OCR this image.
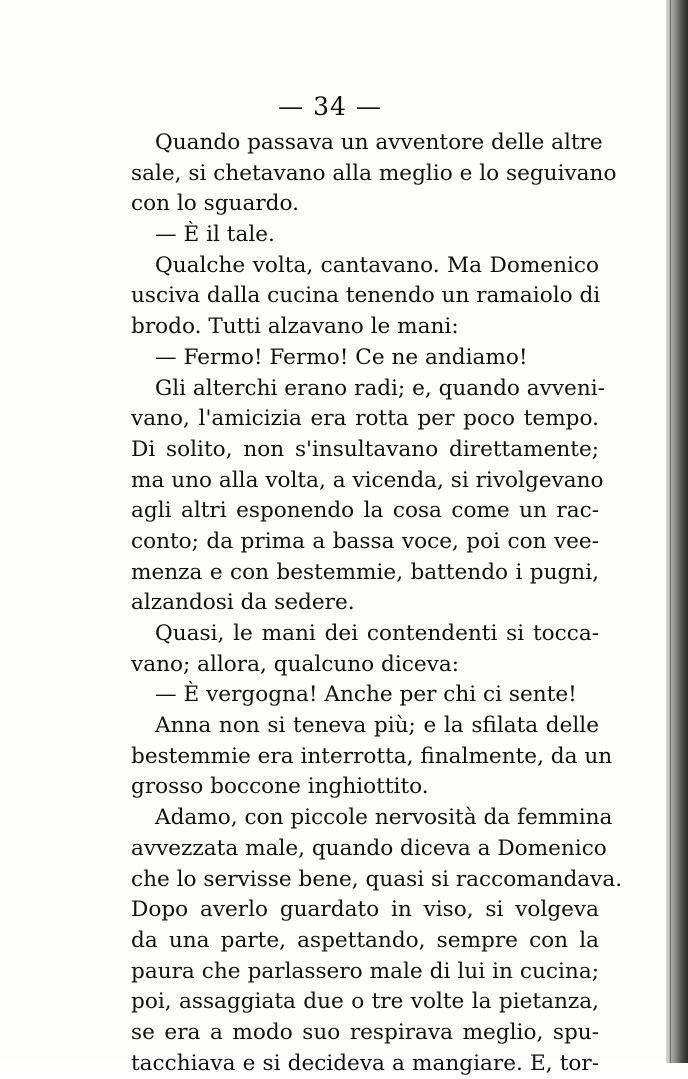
— 34 —
Quando passava un avventore delle altre
sale, si chetavano alla meglio e lo seguivano
con lo sguardo.
— È il tale.
Qualche volta, cantavano. Ma Domenico
usciva dalla cucina tenendo un ramaiolo di
brodo. Tutti alzavano le mani:
— Fermo! Fermo! Ce ne andiamo!
Gli alterchi erano radi; e, quando avveni-
vano, l'amicizia era rotta per poco tempo.
Di solito, non s'insultavano direttamente;
ma uno alla volta, a vicenda, si rivolgevano
agli altri esponendo la cosa come un rac-
conto; da prima a bassa voce, poi con vee-
menza e con bestemmie, battendo i pugni,
alzandosi da sedere.
Quasi, le mani dei contendenti si tocca-
vano; allora, qualcuno diceva:
— È vergogna! Anche per chi ci sente!
Anna non si teneva più; e la sfilata delle
bestemmie era interrotta, finalmente, da un
grosso boccone inghiottito.
Adamo, con piccole nervosità da femmina
avvezzata male, quando diceva a Domenico
che lo servisse bene, quasi si raccomandava.
Dopo averlo guardato in viso, si volgeva
da una parte, aspettando, sempre con la
paura che parlassero male di lui in cucina;
poi, assaggiata due o tre volte la pietanza,
se era a modo suo respirava meglio, spu-
tacchiava e si decideva a mangiare. E, tor-
